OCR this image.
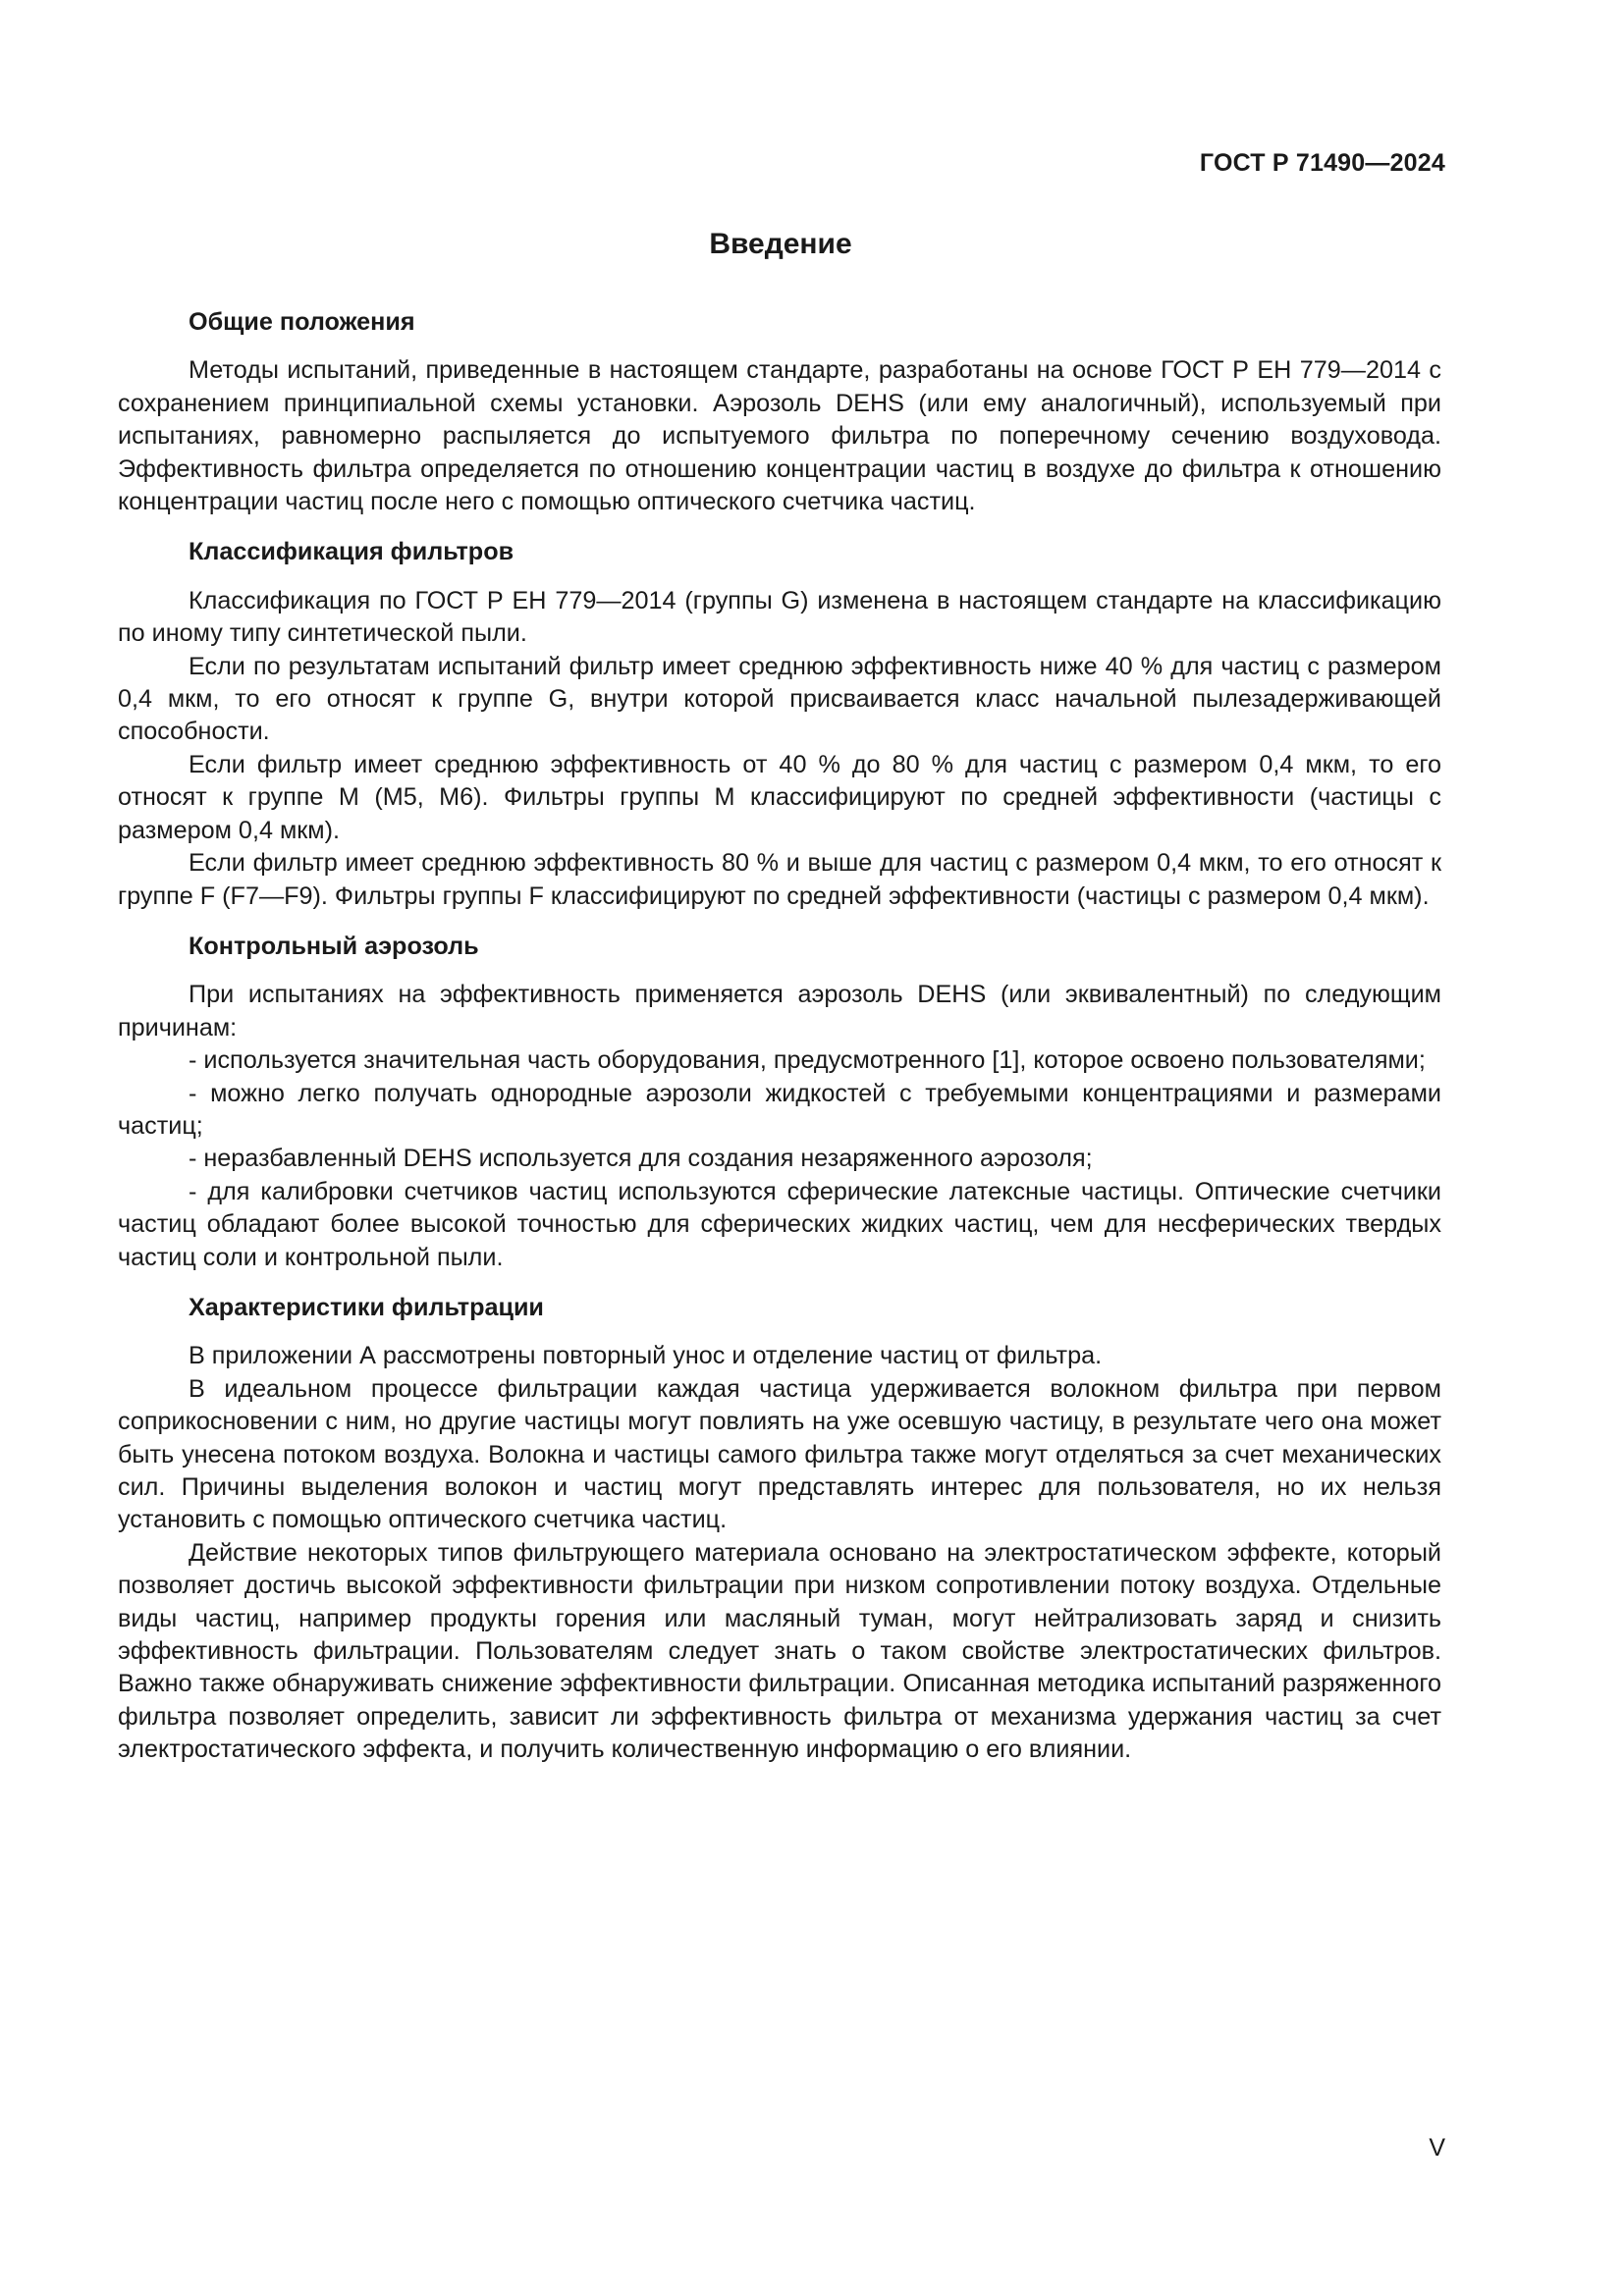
ГОСТ Р 71490—2024
Введение

Общие положения

Методы испытаний, приведенные в настоящем стандарте, разработаны на основе ГОСТ Р ЕН 779—2014 с сохранением принципиальной схемы установки. Аэрозоль DEHS (или ему аналогичный), используемый при испытаниях, равномерно распыляется до испытуемого фильтра по поперечному сечению воздуховода. Эффективность фильтра определяется по отношению концентрации частиц в воздухе до фильтра к отношению концентрации частиц после него с помощью оптического счетчика частиц.

Классификация фильтров

Классификация по ГОСТ Р ЕН 779—2014 (группы G) изменена в настоящем стандарте на классификацию по иному типу синтетической пыли.

Если по результатам испытаний фильтр имеет среднюю эффективность ниже 40 % для частиц с размером 0,4 мкм, то его относят к группе G, внутри которой присваивается класс начальной пылезадерживающей способности.

Если фильтр имеет среднюю эффективность от 40 % до 80 % для частиц с размером 0,4 мкм, то его относят к группе М (М5, М6). Фильтры группы М классифицируют по средней эффективности (частицы с размером 0,4 мкм).

Если фильтр имеет среднюю эффективность 80 % и выше для частиц с размером 0,4 мкм, то его относят к группе F (F7—F9). Фильтры группы F классифицируют по средней эффективности (частицы с размером 0,4 мкм).

Контрольный аэрозоль

При испытаниях на эффективность применяется аэрозоль DEHS (или эквивалентный) по следующим причинам:

- используется значительная часть оборудования, предусмотренного [1], которое освоено пользователями;

- можно легко получать однородные аэрозоли жидкостей с требуемыми концентрациями и размерами частиц;

- неразбавленный DEHS используется для создания незаряженного аэрозоля;

- для калибровки счетчиков частиц используются сферические латексные частицы. Оптические счетчики частиц обладают более высокой точностью для сферических жидких частиц, чем для несферических твердых частиц соли и контрольной пыли.

Характеристики фильтрации

В приложении А рассмотрены повторный унос и отделение частиц от фильтра.

В идеальном процессе фильтрации каждая частица удерживается волокном фильтра при первом соприкосновении с ним, но другие частицы могут повлиять на уже осевшую частицу, в результате чего она может быть унесена потоком воздуха. Волокна и частицы самого фильтра также могут отделяться за счет механических сил. Причины выделения волокон и частиц могут представлять интерес для пользователя, но их нельзя установить с помощью оптического счетчика частиц.

Действие некоторых типов фильтрующего материала основано на электростатическом эффекте, который позволяет достичь высокой эффективности фильтрации при низком сопротивлении потоку воздуха. Отдельные виды частиц, например продукты горения или масляный туман, могут нейтрализовать заряд и снизить эффективность фильтрации. Пользователям следует знать о таком свойстве электростатических фильтров. Важно также обнаруживать снижение эффективности фильтрации. Описанная методика испытаний разряженного фильтра позволяет определить, зависит ли эффективность фильтра от механизма удержания частиц за счет электростатического эффекта, и получить количественную информацию о его влиянии.

V
